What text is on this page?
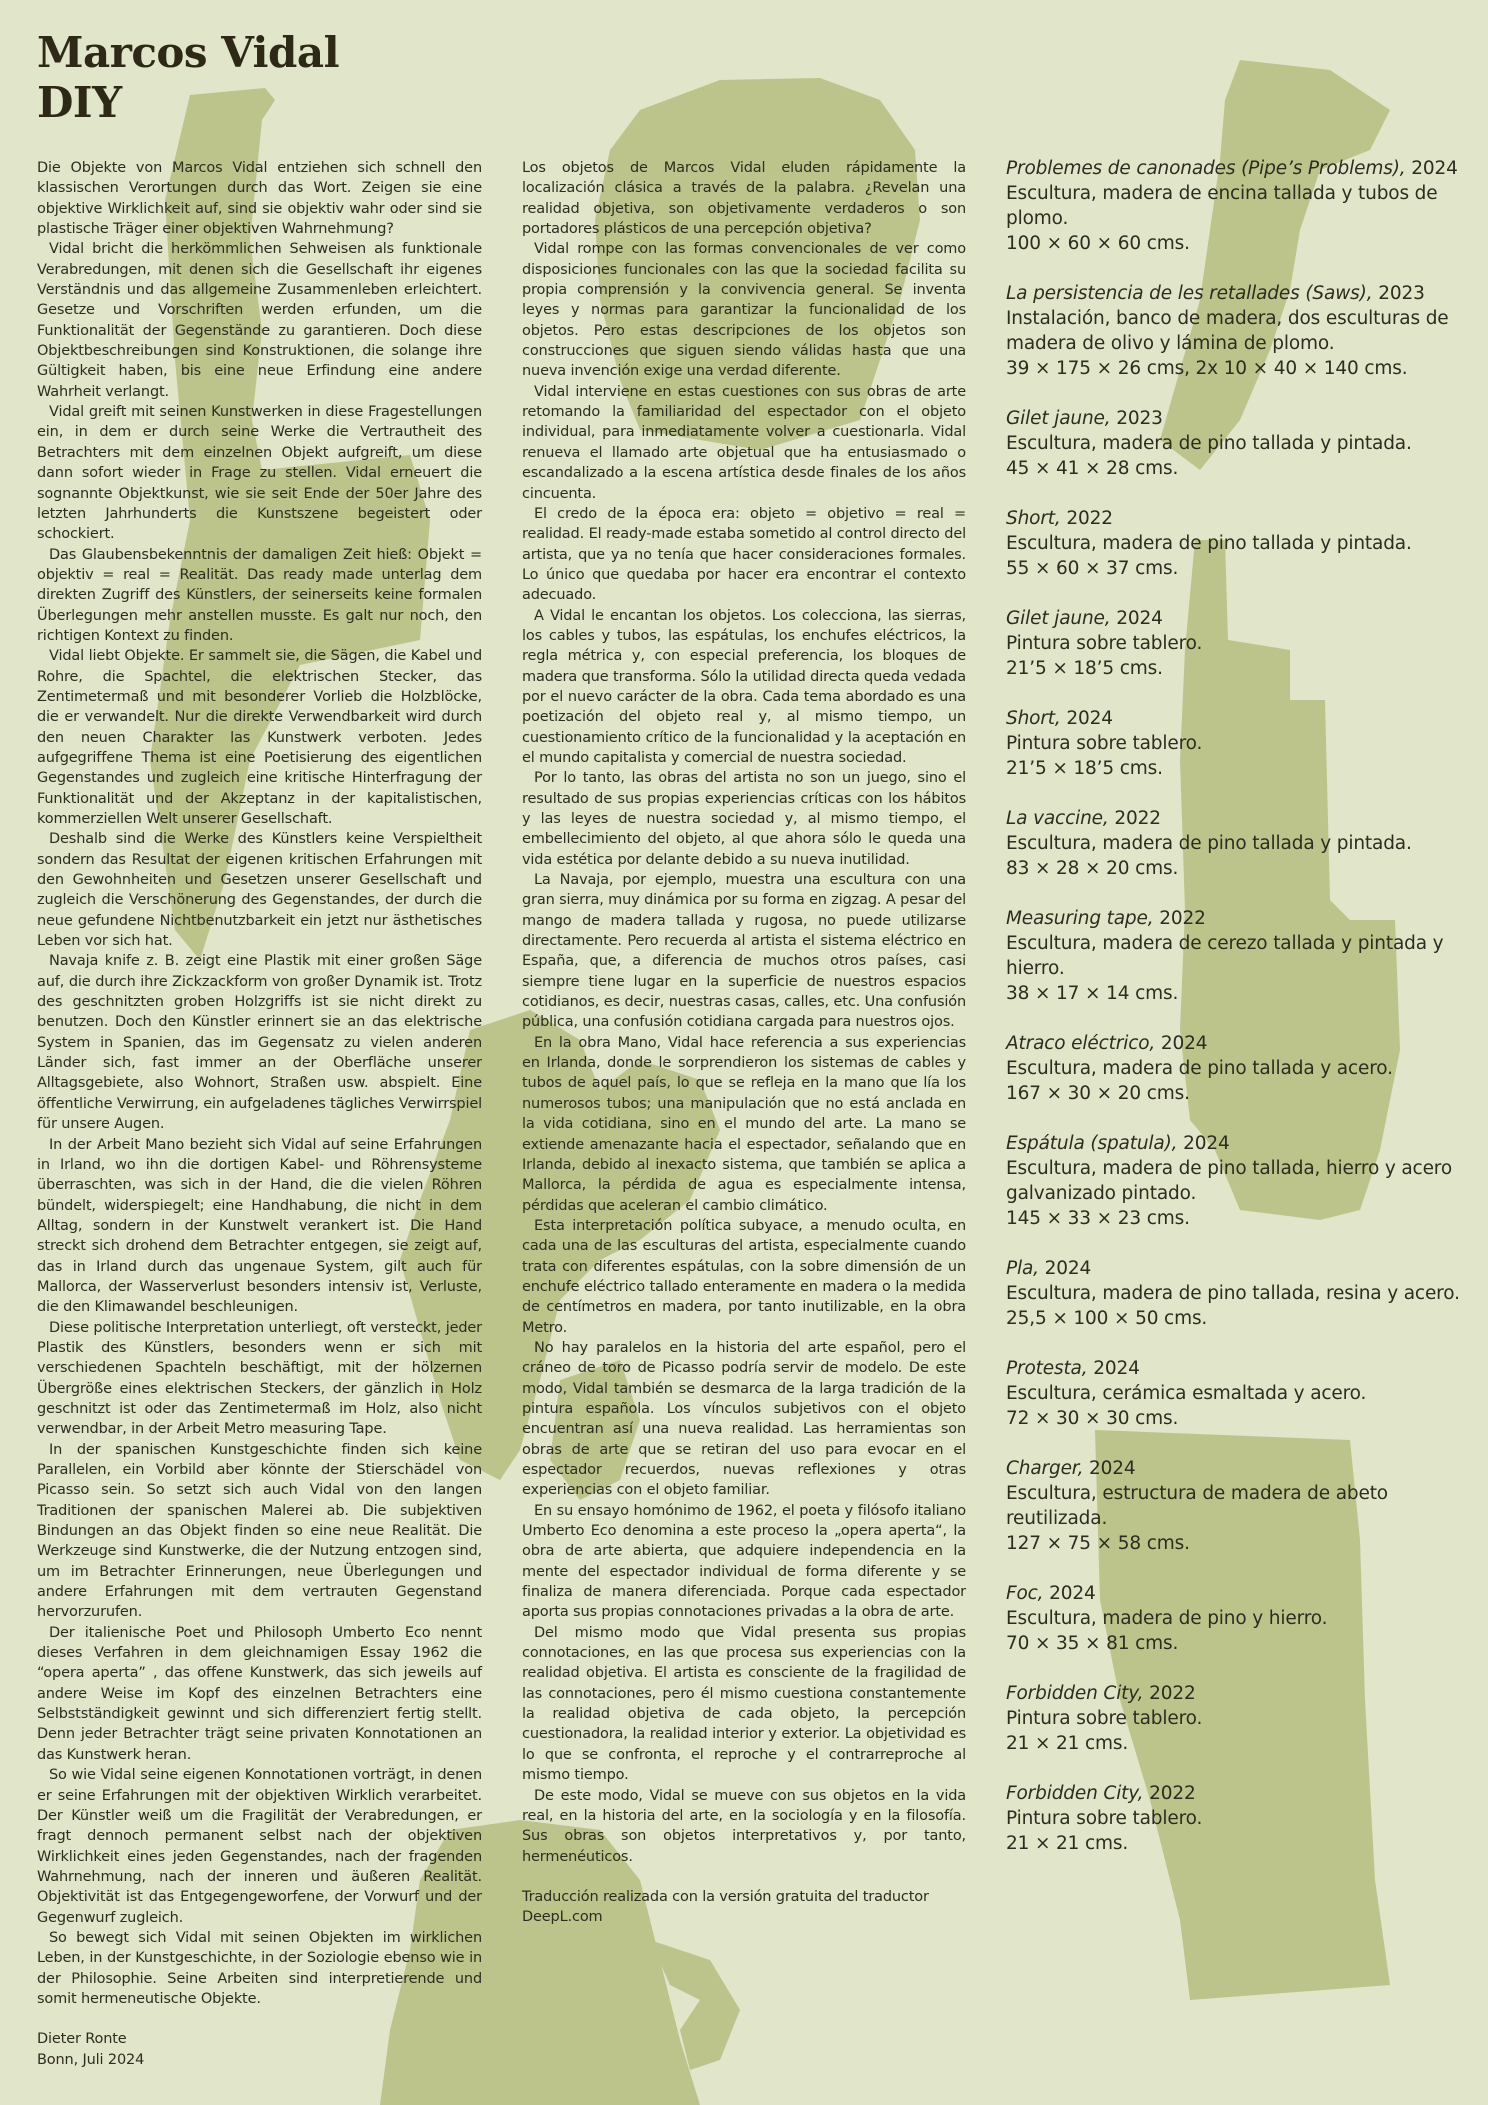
Marcos Vidal
DIY

Die Objekte von Marcos Vidal entziehen sich schnell den klassischen Verortungen durch das Wort. Zeigen sie eine objektive Wirklichkeit auf, sind sie objektiv wahr oder sind sie plastische Träger einer objektiven Wahrnehmung?

Vidal bricht die herkömmlichen Sehweisen als funktionale Verabredungen, mit denen sich die Gesellschaft ihr eigenes Verständnis und das allgemeine Zusammenleben erleichtert. Gesetze und Vorschriften werden erfunden, um die Funktionalität der Gegenstände zu garantieren. Doch diese Objektbeschreibungen sind Konstruktionen, die solange ihre Gültigkeit haben, bis eine neue Erfindung eine andere Wahrheit verlangt.

Vidal greift mit seinen Kunstwerken in diese Fragestellungen ein, in dem er durch seine Werke die Vertrautheit des Betrachters mit dem einzelnen Objekt aufgreift, um diese dann sofort wieder in Frage zu stellen. Vidal erneuert die sognannte Objektkunst, wie sie seit Ende der 50er Jahre des letzten Jahrhunderts die Kunstszene begeistert oder schockiert.

Das Glaubensbekenntnis der damaligen Zeit hieß: Objekt = objektiv = real = Realität. Das ready made unterlag dem direkten Zugriff des Künstlers, der seinerseits keine formalen Überlegungen mehr anstellen musste. Es galt nur noch, den richtigen Kontext zu finden.

Vidal liebt Objekte. Er sammelt sie, die Sägen, die Kabel und Rohre, die Spachtel, die elektrischen Stecker, das Zentimetermaß und mit besonderer Vorlieb die Holzblöcke, die er verwandelt. Nur die direkte Verwendbarkeit wird durch den neuen Charakter las Kunstwerk verboten. Jedes aufgegriffene Thema ist eine Poetisierung des eigentlichen Gegenstandes und zugleich eine kritische Hinterfragung der Funktionalität und der Akzeptanz in der kapitalistischen, kommerziellen Welt unserer Gesellschaft.

Deshalb sind die Werke des Künstlers keine Verspieltheit sondern das Resultat der eigenen kritischen Erfahrungen mit den Gewohnheiten und Gesetzen unserer Gesellschaft und zugleich die Verschönerung des Gegenstandes, der durch die neue gefundene Nichtbenutzbarkeit ein jetzt nur ästhetisches Leben vor sich hat.

Navaja knife z. B. zeigt eine Plastik mit einer großen Säge auf, die durch ihre Zickzackform von großer Dynamik ist. Trotz des geschnitzten groben Holzgriffs ist sie nicht direkt zu benutzen. Doch den Künstler erinnert sie an das elektrische System in Spanien, das im Gegensatz zu vielen anderen Länder sich, fast immer an der Oberfläche unserer Alltagsgebiete, also Wohnort, Straßen usw. abspielt. Eine öffentliche Verwirrung, ein aufgeladenes tägliches Verwirrspiel für unsere Augen.

In der Arbeit Mano bezieht sich Vidal auf seine Erfahrungen in Irland, wo ihn die dortigen Kabel- und Röhrensysteme überraschten, was sich in der Hand, die die vielen Röhren bündelt, widerspiegelt; eine Handhabung, die nicht in dem Alltag, sondern in der Kunstwelt verankert ist. Die Hand streckt sich drohend dem Betrachter entgegen, sie zeigt auf, das in Irland durch das ungenaue System, gilt auch für Mallorca, der Wasserverlust besonders intensiv ist, Verluste, die den Klimawandel beschleunigen.

Diese politische Interpretation unterliegt, oft versteckt, jeder Plastik des Künstlers, besonders wenn er sich mit verschiedenen Spachteln beschäftigt, mit der hölzernen Übergröße eines elektrischen Steckers, der gänzlich in Holz geschnitzt ist oder das Zentimetermaß im Holz, also nicht verwendbar, in der Arbeit Metro measuring Tape.

In der spanischen Kunstgeschichte finden sich keine Parallelen, ein Vorbild aber könnte der Stierschädel von Picasso sein. So setzt sich auch Vidal von den langen Traditionen der spanischen Malerei ab. Die subjektiven Bindungen an das Objekt finden so eine neue Realität. Die Werkzeuge sind Kunstwerke, die der Nutzung entzogen sind, um im Betrachter Erinnerungen, neue Überlegungen und andere Erfahrungen mit dem vertrauten Gegenstand hervorzurufen.

Der italienische Poet und Philosoph Umberto Eco nennt dieses Verfahren in dem gleichnamigen Essay 1962 die “opera aperta” , das offene Kunstwerk, das sich jeweils auf andere Weise im Kopf des einzelnen Betrachters eine Selbstständigkeit gewinnt und sich differenziert fertig stellt. Denn jeder Betrachter trägt seine privaten Konnotationen an das Kunstwerk heran.

So wie Vidal seine eigenen Konnotationen vorträgt, in denen er seine Erfahrungen mit der objektiven Wirklich verarbeitet. Der Künstler weiß um die Fragilität der Verabredungen, er fragt dennoch permanent selbst nach der objektiven Wirklichkeit eines jeden Gegenstandes, nach der fragenden Wahrnehmung, nach der inneren und äußeren Realität. Objektivität ist das Entgegengeworfene, der Vorwurf und der Gegenwurf zugleich.

So bewegt sich Vidal mit seinen Objekten im wirklichen Leben, in der Kunstgeschichte, in der Soziologie ebenso wie in der Philosophie. Seine Arbeiten sind interpretierende und somit hermeneutische Objekte.

Dieter Ronte
Bonn, Juli 2024

Los objetos de Marcos Vidal eluden rápidamente la localización clásica a través de la palabra. ¿Revelan una realidad objetiva, son objetivamente verdaderos o son portadores plásticos de una percepción objetiva?

Vidal rompe con las formas convencionales de ver como disposiciones funcionales con las que la sociedad facilita su propia comprensión y la convivencia general. Se inventa leyes y normas para garantizar la funcionalidad de los objetos. Pero estas descripciones de los objetos son construcciones que siguen siendo válidas hasta que una nueva invención exige una verdad diferente.

Vidal interviene en estas cuestiones con sus obras de arte retomando la familiaridad del espectador con el objeto individual, para inmediatamente volver a cuestionarla. Vidal renueva el llamado arte objetual que ha entusiasmado o escandalizado a la escena artística desde finales de los años cincuenta.

El credo de la época era: objeto = objetivo = real = realidad. El ready-made estaba sometido al control directo del artista, que ya no tenía que hacer consideraciones formales. Lo único que quedaba por hacer era encontrar el contexto adecuado.

A Vidal le encantan los objetos. Los colecciona, las sierras, los cables y tubos, las espátulas, los enchufes eléctricos, la regla métrica y, con especial preferencia, los bloques de madera que transforma. Sólo la utilidad directa queda vedada por el nuevo carácter de la obra. Cada tema abordado es una poetización del objeto real y, al mismo tiempo, un cuestionamiento crítico de la funcionalidad y la aceptación en el mundo capitalista y comercial de nuestra sociedad.

Por lo tanto, las obras del artista no son un juego, sino el resultado de sus propias experiencias críticas con los hábitos y las leyes de nuestra sociedad y, al mismo tiempo, el embellecimiento del objeto, al que ahora sólo le queda una vida estética por delante debido a su nueva inutilidad.

La Navaja, por ejemplo, muestra una escultura con una gran sierra, muy dinámica por su forma en zigzag. A pesar del mango de madera tallada y rugosa, no puede utilizarse directamente. Pero recuerda al artista el sistema eléctrico en España, que, a diferencia de muchos otros países, casi siempre tiene lugar en la superficie de nuestros espacios cotidianos, es decir, nuestras casas, calles, etc. Una confusión pública, una confusión cotidiana cargada para nuestros ojos.

En la obra Mano, Vidal hace referencia a sus experiencias en Irlanda, donde le sorprendieron los sistemas de cables y tubos de aquel país, lo que se refleja en la mano que lía los numerosos tubos; una manipulación que no está anclada en la vida cotidiana, sino en el mundo del arte. La mano se extiende amenazante hacia el espectador, señalando que en Irlanda, debido al inexacto sistema, que también se aplica a Mallorca, la pérdida de agua es especialmente intensa, pérdidas que aceleran el cambio climático.

Esta interpretación política subyace, a menudo oculta, en cada una de las esculturas del artista, especialmente cuando trata con diferentes espátulas, con la sobre dimensión de un enchufe eléctrico tallado enteramente en madera o la medida de centímetros en madera, por tanto inutilizable, en la obra Metro.

No hay paralelos en la historia del arte español, pero el cráneo de toro de Picasso podría servir de modelo. De este modo, Vidal también se desmarca de la larga tradición de la pintura española. Los vínculos subjetivos con el objeto encuentran así una nueva realidad. Las herramientas son obras de arte que se retiran del uso para evocar en el espectador recuerdos, nuevas reflexiones y otras experiencias con el objeto familiar.

En su ensayo homónimo de 1962, el poeta y filósofo italiano Umberto Eco denomina a este proceso la „opera aperta“, la obra de arte abierta, que adquiere independencia en la mente del espectador individual de forma diferente y se finaliza de manera diferenciada. Porque cada espectador aporta sus propias connotaciones privadas a la obra de arte.

Del mismo modo que Vidal presenta sus propias connotaciones, en las que procesa sus experiencias con la realidad objetiva. El artista es consciente de la fragilidad de las connotaciones, pero él mismo cuestiona constantemente la realidad objetiva de cada objeto, la percepción cuestionadora, la realidad interior y exterior. La objetividad es lo que se confronta, el reproche y el contrarreproche al mismo tiempo.

De este modo, Vidal se mueve con sus objetos en la vida real, en la historia del arte, en la sociología y en la filosofía. Sus obras son objetos interpretativos y, por tanto, hermenéuticos.

Traducción realizada con la versión gratuita del traductor DeepL.com
Problemes de canonades (Pipe’s Problems), 2024
Escultura, madera de encina tallada y tubos de plomo.
100 × 60 × 60 cms.
La persistencia de les retallades (Saws), 2023
Instalación, banco de madera, dos esculturas de madera de olivo y lámina de plomo.
39 × 175 × 26 cms, 2x 10 × 40 × 140 cms.
Gilet jaune, 2023
Escultura, madera de pino tallada y pintada.
45 × 41 × 28 cms.
Short, 2022
Escultura, madera de pino tallada y pintada.
55 × 60 × 37 cms.
Gilet jaune, 2024
Pintura sobre tablero.
21’5 × 18’5 cms.
Short, 2024
Pintura sobre tablero.
21’5 × 18’5 cms.
La vaccine, 2022
Escultura, madera de pino tallada y pintada.
83 × 28 × 20 cms.
Measuring tape, 2022
Escultura, madera de cerezo tallada y pintada y hierro.
38 × 17 × 14 cms.
Atraco eléctrico, 2024
Escultura, madera de pino tallada y acero.
167 × 30 × 20 cms.
Espátula (spatula), 2024
Escultura, madera de pino tallada, hierro y acero galvanizado pintado.
145 × 33 × 23 cms.
Pla, 2024
Escultura, madera de pino tallada, resina y acero.
25,5 × 100 × 50 cms.
Protesta, 2024
Escultura, cerámica esmaltada y acero.
72 × 30 × 30 cms.
Charger, 2024
Escultura, estructura de madera de abeto reutilizada.
127 × 75 × 58 cms.
Foc, 2024
Escultura, madera de pino y hierro.
70 × 35 × 81 cms.
Forbidden City, 2022
Pintura sobre tablero.
21 × 21 cms.
Forbidden City, 2022
Pintura sobre tablero.
21 × 21 cms.
